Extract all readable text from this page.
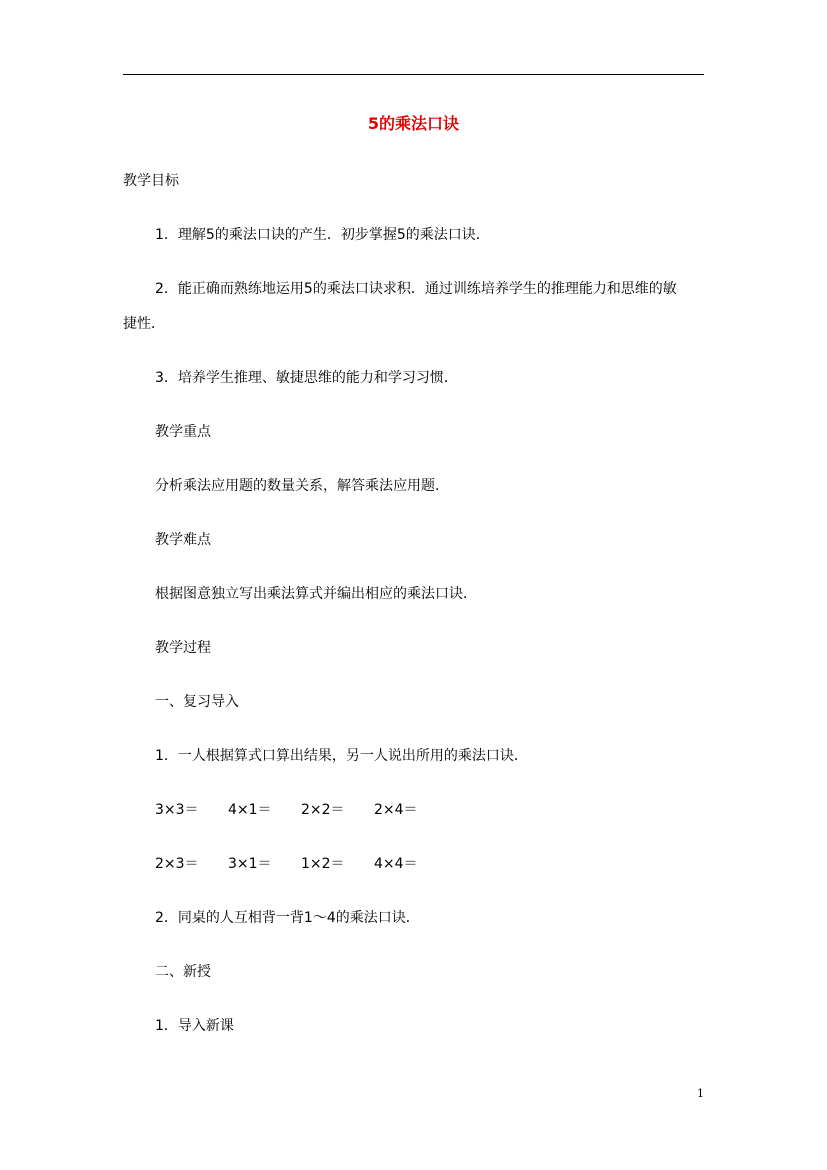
5的乘法口诀
教学目标
1．理解5的乘法口诀的产生．初步掌握5的乘法口诀．
2．能正确而熟练地运用5的乘法口诀求积．通过训练培养学生的推理能力和思维的敏
捷性．
3．培养学生推理、敏捷思维的能力和学习习惯．
教学重点
分析乘法应用题的数量关系，解答乘法应用题．
教学难点
根据图意独立写出乘法算式并编出相应的乘法口诀．
教学过程
一、复习导入
1．一人根据算式口算出结果，另一人说出所用的乘法口诀．
3×3＝ 4×1＝ 2×2＝ 2×4＝
2×3＝ 3×1＝ 1×2＝ 4×4＝
2．同桌的人互相背一背1～4的乘法口诀．
二、新授
1．导入新课
1
